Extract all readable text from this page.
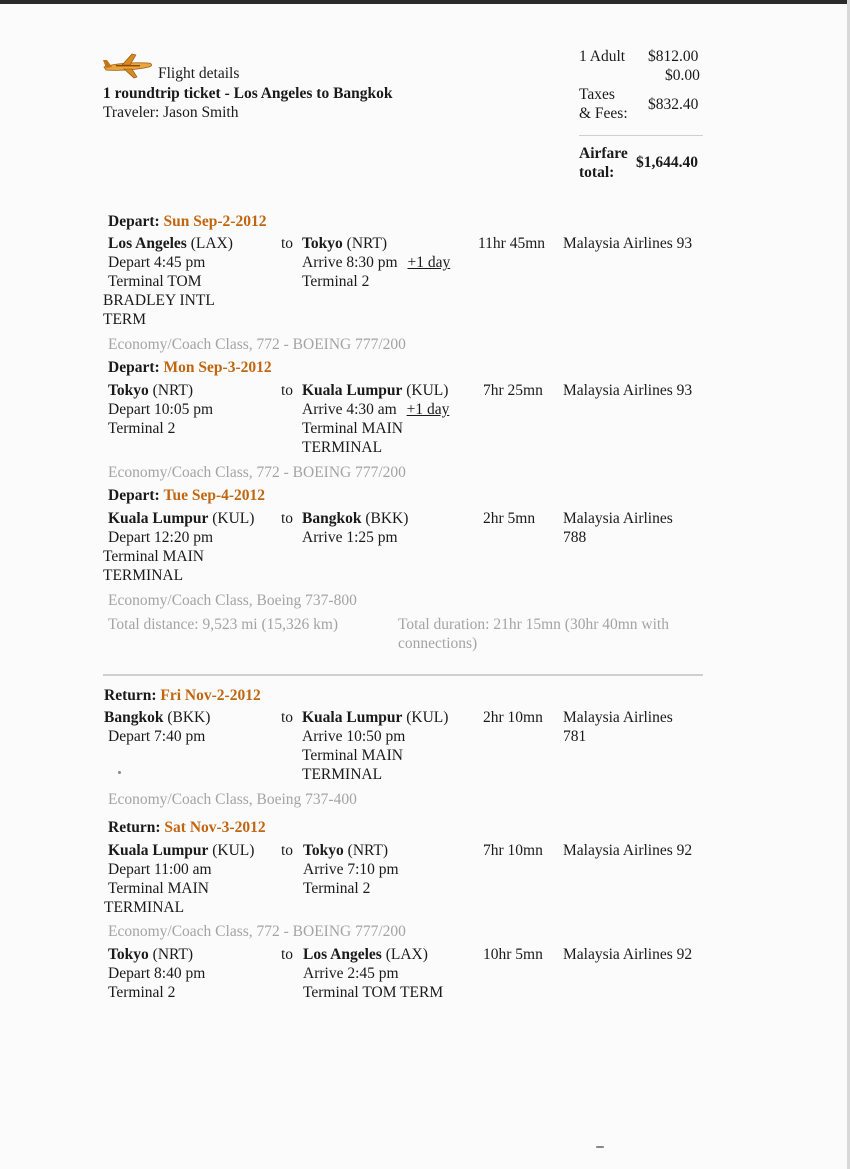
Flight details
1 roundtrip ticket - Los Angeles to Bangkok
Traveler: Jason Smith
1 Adult $812.00
$0.00
Taxes
& Fees:
$832.40
Airfare
total:
$1,644.40
Depart: Sun Sep-2-2012
Los Angeles (LAX)
Depart 4:45 pm
Terminal TOM
BRADLEY INTL
TERM
to Tokyo (NRT)
Arrive 8:30 pm +1 day
Terminal 2
11hr 45mn Malaysia Airlines 93
Economy/Coach Class, 772 - BOEING 777/200
Depart: Mon Sep-3-2012
Tokyo (NRT)
Depart 10:05 pm
Terminal 2
to Kuala Lumpur (KUL)
Arrive 4:30 am +1 day
Terminal MAIN
TERMINAL
7hr 25mn Malaysia Airlines 93
Economy/Coach Class, 772 - BOEING 777/200
Depart: Tue Sep-4-2012
Kuala Lumpur (KUL)
Depart 12:20 pm
Terminal MAIN
TERMINAL
to Bangkok (BKK)
Arrive 1:25 pm
2hr 5mn Malaysia Airlines
788
Economy/Coach Class, Boeing 737-800
Total distance: 9,523 mi (15,326 km)	Total duration: 21hr 15mn (30hr 40mn with
connections)
Return: Fri Nov-2-2012
Bangkok (BKK)
Depart 7:40 pm
to Kuala Lumpur (KUL)
Arrive 10:50 pm
Terminal MAIN
TERMINAL
2hr 10mn Malaysia Airlines
781
Economy/Coach Class, Boeing 737-400
Return: Sat Nov-3-2012
Kuala Lumpur (KUL)
Depart 11:00 am
Terminal MAIN
TERMINAL
to Tokyo (NRT)
Arrive 7:10 pm
Terminal 2
7hr 10mn Malaysia Airlines 92
Economy/Coach Class, 772 - BOEING 777/200
Tokyo (NRT)
Depart 8:40 pm
Terminal 2
to Los Angeles (LAX)
Arrive 2:45 pm
Terminal TOM TERM
10hr 5mn Malaysia Airlines 92
